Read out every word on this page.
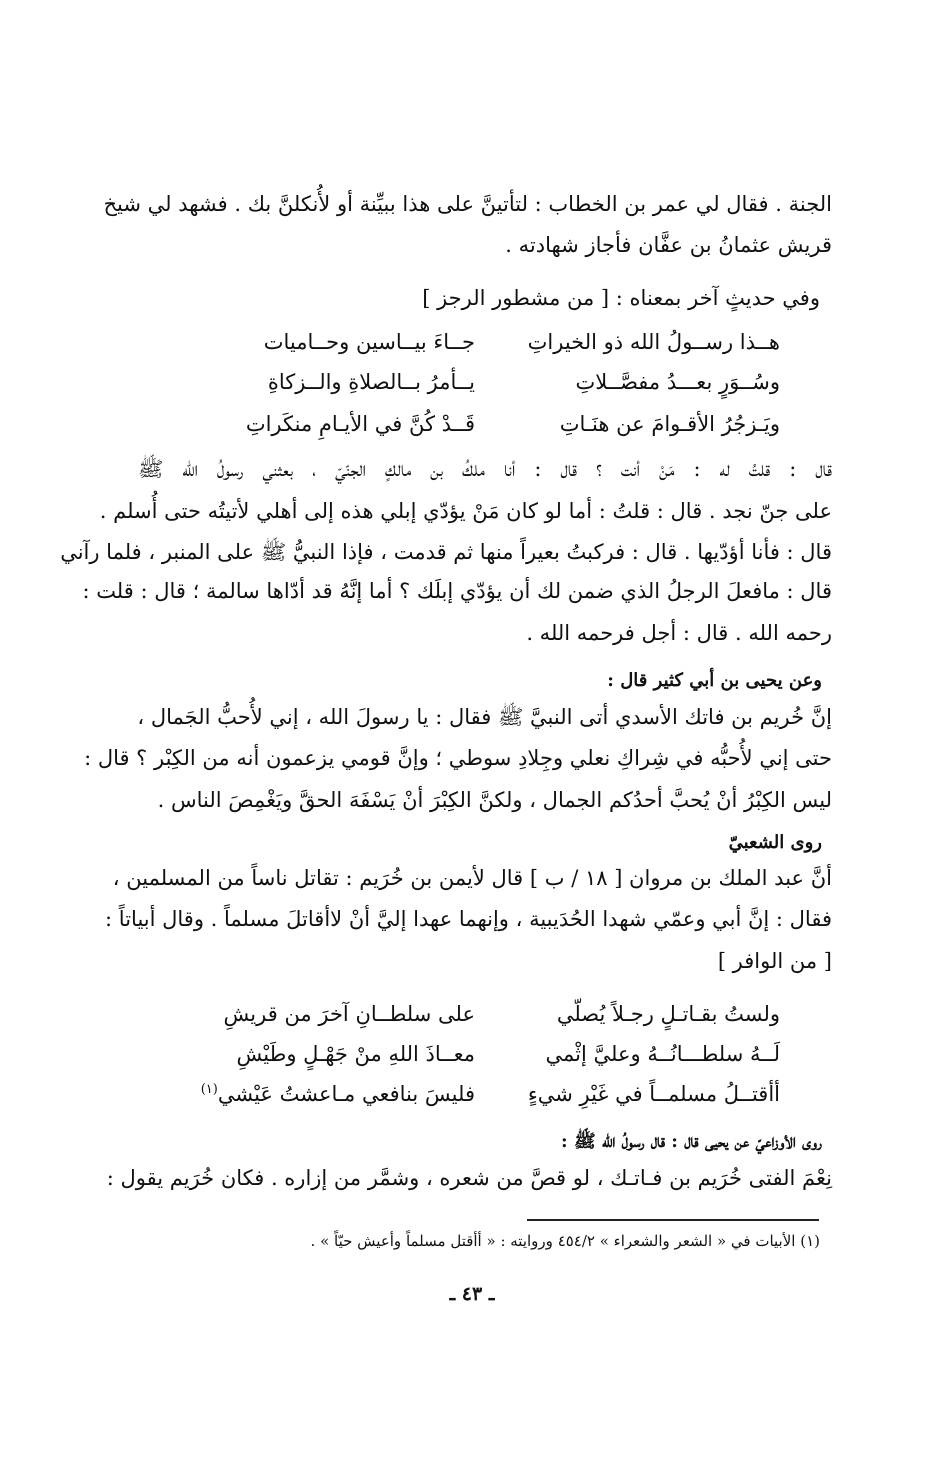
الجنة . فقال لي عمر بن الخطاب : لتأتينَّ على هذا ببيِّنة أو لأُنكلنَّ بك . فشهد لي شيخ
قريش عثمانُ بن عفَّان فأجاز شهادته .
وفي حديثٍ آخر بمعناه : [ من مشطور الرجز ]
هــذا رســولُ الله ذو الخيراتِ
جــاءَ بيــاسين وحــاميات
وسُــوَرٍ بعـــدُ مفصَّــلاتِ
يــأمرُ بــالصلاةِ والــزكاةِ
ويَـزجُرُ الأقـوامَ عن هنَـاتِ
قَــدْ كُنَّ في الأيـامِ منكَراتِ
قال : قلتُ له : مَنْ أنت ؟ قال : أنا ملكُ بن مالكٍ الجنّيّ ، بعثني رسولُ الله ﷺ
على جنّ نجد . قال : قلتُ : أما لو كان مَنْ يؤدّي إبلي هذه إلى أهلي لأتيتُه حتى أُسلم .
قال : فأنا أؤدّيها . قال : فركبتُ بعيراً منها ثم قدمت ، فإذا النبيُّ ﷺ على المنبر ، فلما رآني
قال : مافعلَ الرجلُ الذي ضمن لك أن يؤدّي إبلَك ؟ أما إنَّهُ قد أدّاها سالمة ؛ قال : قلت :
رحمه الله . قال : أجل فرحمه الله .
وعن يحيى بن أبي كثير قال :
إنَّ خُريم بن فاتك الأسدي أتى النبيَّ ﷺ فقال : يا رسولَ الله ، إني لأُحبُّ الجَمال ،
حتى إني لأُحبُّه في شِراكِ نعلي وجِلادِ سوطي ؛ وإنَّ قومي يزعمون أنه من الكِبْر ؟ قال :
ليس الكِبْرُ أنْ يُحبَّ أحدُكم الجمال ، ولكنَّ الكِبْرَ أنْ يَسْفَهَ الحقَّ ويَغْمِصَ الناس .
روى الشعبيّ
أنَّ عبد الملك بن مروان [ ١٨ / ب ] قال لأيمن بن خُرَيم : تقاتل ناساً من المسلمين ،
فقال : إنَّ أبي وعمّي شهدا الحُدَيبية ، وإنهما عهدا إليَّ أنْ لاأقاتلَ مسلماً . وقال أبياتاً :
[ من الوافر ]
ولستُ بقـاتـلٍ رجـلاً يُصلّي
على سلطــانِ آخرَ من قريشِ
لَــهُ سلطـــانُــهُ وعليَّ إثْمي
معــاذَ اللهِ منْ جَهْـلٍ وطَيْشِ
أأقتــلُ مسلمــاً في غَيْرِ شيءٍ
فليسَ بنافعي مـاعشتُ عَيْشي$^{(١)}$
روى الأوزاعيّ عن يحيى قال : قال رسولُ الله ﷺ :
نِعْمَ الفتى خُرَيم بن فـاتـك ، لو قصَّ من شعره ، وشمَّر من إزاره . فكان خُرَيم يقول :
(١) الأبيات في « الشعر والشعراء » ٤٥٤/٢ وروايته : « أأقتل مسلماً وأعيش حيّاً » .
ـ ٤٣ ـ
